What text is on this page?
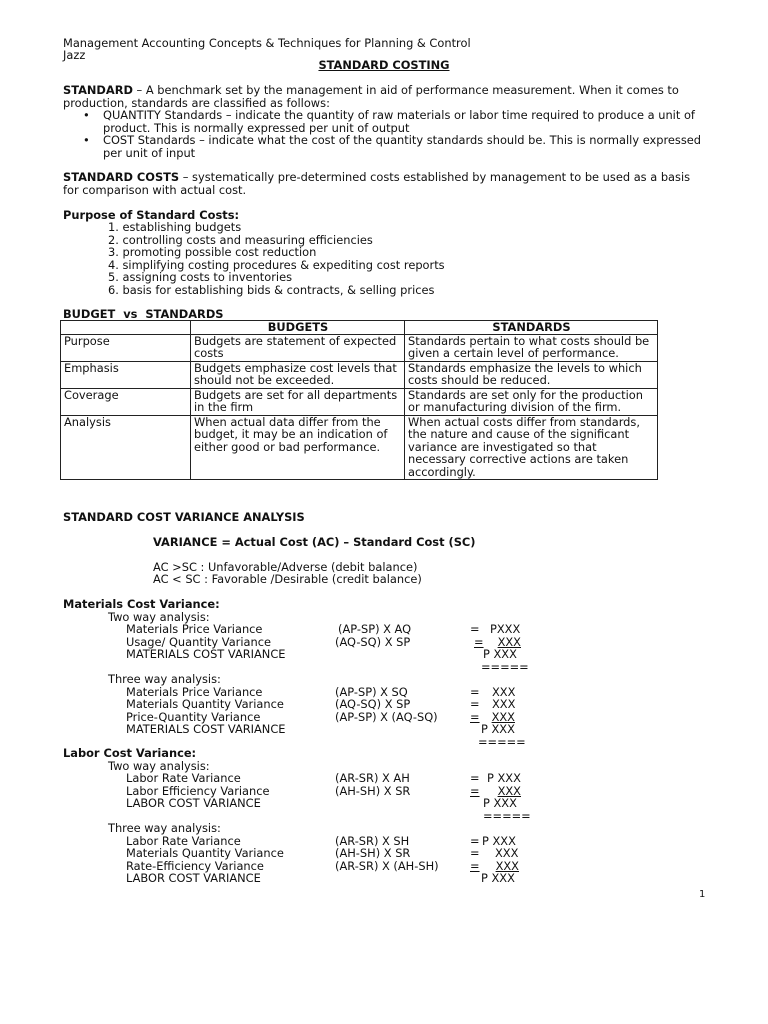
Management Accounting Concepts & Techniques for Planning & Control
Jazz
STANDARD COSTING
STANDARD – A benchmark set by the management in aid of performance measurement. When it comes to production, standards are classified as follows:
• QUANTITY Standards – indicate the quantity of raw materials or labor time required to produce a unit of product. This is normally expressed per unit of output
• COST Standards – indicate what the cost of the quantity standards should be. This is normally expressed per unit of input
STANDARD COSTS – systematically pre-determined costs established by management to be used as a basis for comparison with actual cost.
Purpose of Standard Costs:
1. establishing budgets
2. controlling costs and measuring efficiencies
3. promoting possible cost reduction
4. simplifying costing procedures & expediting cost reports
5. assigning costs to inventories
6. basis for establishing bids & contracts, & selling prices
BUDGET  vs  STANDARDS
	BUDGETS	STANDARDS
Purpose	Budgets are statement of expected costs	Standards pertain to what costs should be given a certain level of performance.
Emphasis	Budgets emphasize cost levels that should not be exceeded.	Standards emphasize the levels to which costs should be reduced.
Coverage	Budgets are set for all departments in the firm	Standards are set only for the production or manufacturing division of the firm.
Analysis	When actual data differ from the budget, it may be an indication of either good or bad performance.	When actual costs differ from standards, the nature and cause of the significant variance are investigated so that necessary corrective actions are taken accordingly.
STANDARD COST VARIANCE ANALYSIS
VARIANCE = Actual Cost (AC) – Standard Cost (SC)
AC >SC : Unfavorable/Adverse (debit balance)
AC < SC : Favorable /Desirable (credit balance)
Materials Cost Variance:
Two way analysis:
Materials Price Variance	(AP-SP) X AQ	= PXXX
Usage/ Quantity Variance	(AQ-SQ) X SP	=	XXX
MATERIALS COST VARIANCE	P XXX
=====
Three way analysis:
Materials Price Variance	(AP-SP) X SQ	= XXX
Materials Quantity Variance	(AQ-SQ) X SP	= XXX
Price-Quantity Variance	(AP-SP) X (AQ-SQ)	=	XXX
MATERIALS COST VARIANCE	P XXX
=====
Labor Cost Variance:
Two way analysis:
Labor Rate Variance	(AR-SR) X AH	= P XXX
Labor Efficiency Variance	(AH-SH) X SR	=	XXX
LABOR COST VARIANCE	P XXX
=====
Three way analysis:
Labor Rate Variance	(AR-SR) X SH	= P XXX
Materials Quantity Variance	(AH-SH) X SR	= XXX
Rate-Efficiency Variance	(AR-SR) X (AH-SH)	=	XXX
LABOR COST VARIANCE	P XXX
1
